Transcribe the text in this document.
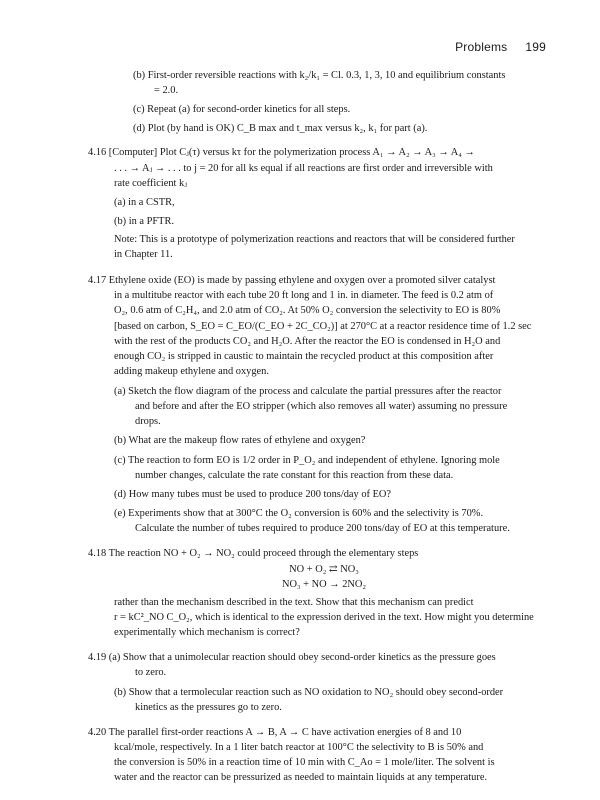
Problems 199
(b) First-order reversible reactions with k₂/k₁ = Cl. 0.3, 1, 3, 10 and equilibrium constants
= 2.0.
(c) Repeat (a) for second-order kinetics for all steps.
(d) Plot (by hand is OK) C_B max and t_max versus k₂, k₁ for part (a).
4.16 [Computer] Plot Cⱼ(τ) versus kτ for the polymerization process A₁ → A₂ → A₃ → A₄ →
. . . → Aⱼ → . . . to j = 20 for all ks equal if all reactions are first order and irreversible with
rate coefficient kⱼ
(a) in a CSTR,
(b) in a PFTR.
Note: This is a prototype of polymerization reactions and reactors that will be considered further
in Chapter 11.
4.17 Ethylene oxide (EO) is made by passing ethylene and oxygen over a promoted silver catalyst
in a multitube reactor with each tube 20 ft long and 1 in. in diameter. The feed is 0.2 atm of
O₂, 0.6 atm of C₂H₄, and 2.0 atm of CO₂. At 50% O₂ conversion the selectivity to EO is 80%
[based on carbon, S_EO = C_EO/(C_EO + 2C_CO₂)] at 270°C at a reactor residence time of 1.2 sec
with the rest of the products CO₂ and H₂O. After the reactor the EO is condensed in H₂O and
enough CO₂ is stripped in caustic to maintain the recycled product at this composition after
adding makeup ethylene and oxygen.
(a) Sketch the flow diagram of the process and calculate the partial pressures after the reactor
and before and after the EO stripper (which also removes all water) assuming no pressure
drops.
(b) What are the makeup flow rates of ethylene and oxygen?
(c) The reaction to form EO is 1/2 order in P_O₂ and independent of ethylene. Ignoring mole
number changes, calculate the rate constant for this reaction from these data.
(d) How many tubes must be used to produce 200 tons/day of EO?
(e) Experiments show that at 300°C the O₂ conversion is 60% and the selectivity is 70%.
Calculate the number of tubes required to produce 200 tons/day of EO at this temperature.
4.18 The reaction NO + O₂ → NO₂ could proceed through the elementary steps
NO + O₂ ⇄ NO₃
NO₃ + NO → 2NO₂
rather than the mechanism described in the text. Show that this mechanism can predict
r = kC²_NO C_O₂, which is identical to the expression derived in the text. How might you determine
experimentally which mechanism is correct?
4.19 (a) Show that a unimolecular reaction should obey second-order kinetics as the pressure goes
to zero.
(b) Show that a termolecular reaction such as NO oxidation to NO₂ should obey second-order
kinetics as the pressures go to zero.
4.20 The parallel first-order reactions A → B, A → C have activation energies of 8 and 10
kcal/mole, respectively. In a 1 liter batch reactor at 100°C the selectivity to B is 50% and
the conversion is 50% in a reaction time of 10 min with C_Ao = 1 mole/liter. The solvent is
water and the reactor can be pressurized as needed to maintain liquids at any temperature.
